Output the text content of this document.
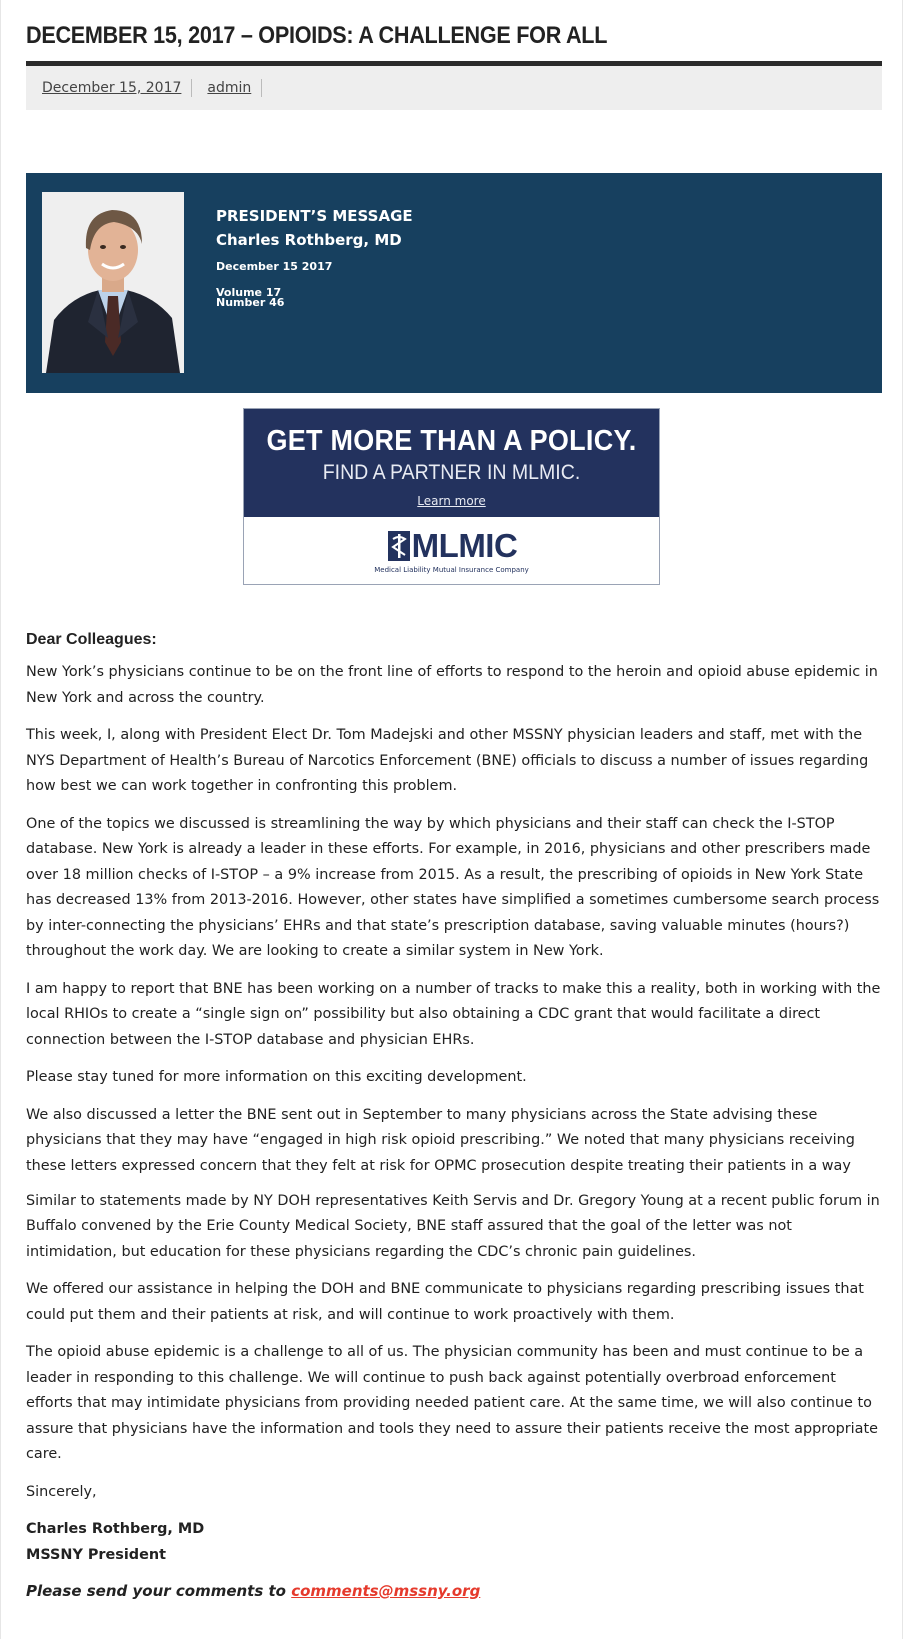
DECEMBER 15, 2017 – OPIOIDS: A CHALLENGE FOR ALL
December 15, 2017	admin
PRESIDENT’S MESSAGE
Charles Rothberg, MD
December 15 2017
Volume 17
Number 46
GET MORE THAN A POLICY.
FIND A PARTNER IN MLMIC.
Learn more
MLMIC
Medical Liability Mutual Insurance Company

Dear Colleagues:

New York’s physicians continue to be on the front line of efforts to respond to the heroin and opioid abuse epidemic in New York and across the country.

This week, I, along with President Elect Dr. Tom Madejski and other MSSNY physician leaders and staff, met with the NYS Department of Health’s Bureau of Narcotics Enforcement (BNE) officials to discuss a number of issues regarding how best we can work together in confronting this problem.

One of the topics we discussed is streamlining the way by which physicians and their staff can check the I-STOP database. New York is already a leader in these efforts. For example, in 2016, physicians and other prescribers made over 18 million checks of I-STOP – a 9% increase from 2015. As a result, the prescribing of opioids in New York State has decreased 13% from 2013-2016. However, other states have simplified a sometimes cumbersome search process by inter-connecting the physicians’ EHRs and that state’s prescription database, saving valuable minutes (hours?) throughout the work day. We are looking to create a similar system in New York.

I am happy to report that BNE has been working on a number of tracks to make this a reality, both in working with the local RHIOs to create a “single sign on” possibility but also obtaining a CDC grant that would facilitate a direct connection between the I-STOP database and physician EHRs.

Please stay tuned for more information on this exciting development.

We also discussed a letter the BNE sent out in September to many physicians across the State advising these physicians that they may have “engaged in high risk opioid prescribing.” We noted that many physicians receiving these letters expressed concern that they felt at risk for OPMC prosecution despite treating their patients in a way

Similar to statements made by NY DOH representatives Keith Servis and Dr. Gregory Young at a recent public forum in Buffalo convened by the Erie County Medical Society, BNE staff assured that the goal of the letter was not intimidation, but education for these physicians regarding the CDC’s chronic pain guidelines.

We offered our assistance in helping the DOH and BNE communicate to physicians regarding prescribing issues that could put them and their patients at risk, and will continue to work proactively with them.

The opioid abuse epidemic is a challenge to all of us. The physician community has been and must continue to be a leader in responding to this challenge. We will continue to push back against potentially overbroad enforcement efforts that may intimidate physicians from providing needed patient care. At the same time, we will also continue to assure that physicians have the information and tools they need to assure their patients receive the most appropriate care.

Sincerely,

Charles Rothberg, MD

MSSNY President

Please send your comments to comments@mssny.org
